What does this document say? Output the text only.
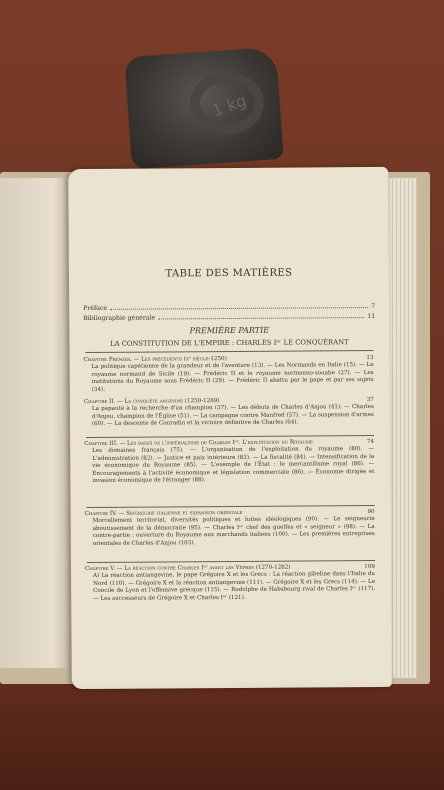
1 kg
TABLE DES MATIÈRES
Préface	7
Bibliographie générale	11
PREMIÈRE PARTIE
LA CONSTITUTION DE L'EMPIRE : CHARLES Iᵉʳ LE CONQUÉRANT
Chapitre Premier. — Les précédents (xᵉ siècle-1250)	13
La politique capétienne de la grandeur et de l'aventure (13). — Les Normands en Italie (15). — Le royaume normand de Sicile (19). — Frédéric II et le royaume normanno-souabe (27). — Les institutions du Royaume sous Frédéric II (29). — Frédéric II abattu par le pape et par ses sujets (34).
Chapitre II. — La conquête angevine (1250-1269)	37
La papauté à la recherche d'un champion (37). — Les débuts de Charles d'Anjou (41). — Charles d'Anjou, champion de l'Église (51). — La campagne contre Manfred (57). — La suspension d'armes (60). — La descente de Conradin et la victoire définitive de Charles (64).
Chapitre III. — Les bases de l'impérialisme de Charles Iᵉʳ. L'exploitation du Royaume	74
Les domaines français (75). — L'organisation de l'exploitation du royaume (80). — L'administration (82). — Justice et paix intérieure (83). — La fiscalité (84). — Intensification de la vie économique du Royaume (85). — L'exemple de l'État : le mercantilisme royal (86). — Encouragements à l'activité économique et législation commerciale (86). — Économie dirigée et invasion économique de l'étranger (88).
Chapitre IV. — Seigneurie italienne et expansion orientale	90
Morcellement territorial, diversités politiques et luttes idéologiques (90). — Le seigneurie aboutissement de la démocratie (95). — Charles Iᵉʳ chef des guelfes et « seigneur » (98). — La contre-partie : ouverture du Royaume aux marchands italiens (100). — Les premières entreprises orientales de Charles d'Anjou (103).
Chapitre V. — La réaction contre Charles Iᵉʳ avant les Vêpres (1270-1282)	109
A) La réaction antiangevine, le pape Grégoire X et les Grecs : La réaction gibeline dans l'Italie du Nord (110). — Grégoire X et la réaction antiangevine (111). — Grégoire X et les Grecs (114). — Le Concile de Lyon et l'offensive grecque (115). — Rodolphe de Habsbourg rival de Charles Iᵉʳ (117). — Les successeurs de Grégoire X et Charles Iᵉʳ (121).
